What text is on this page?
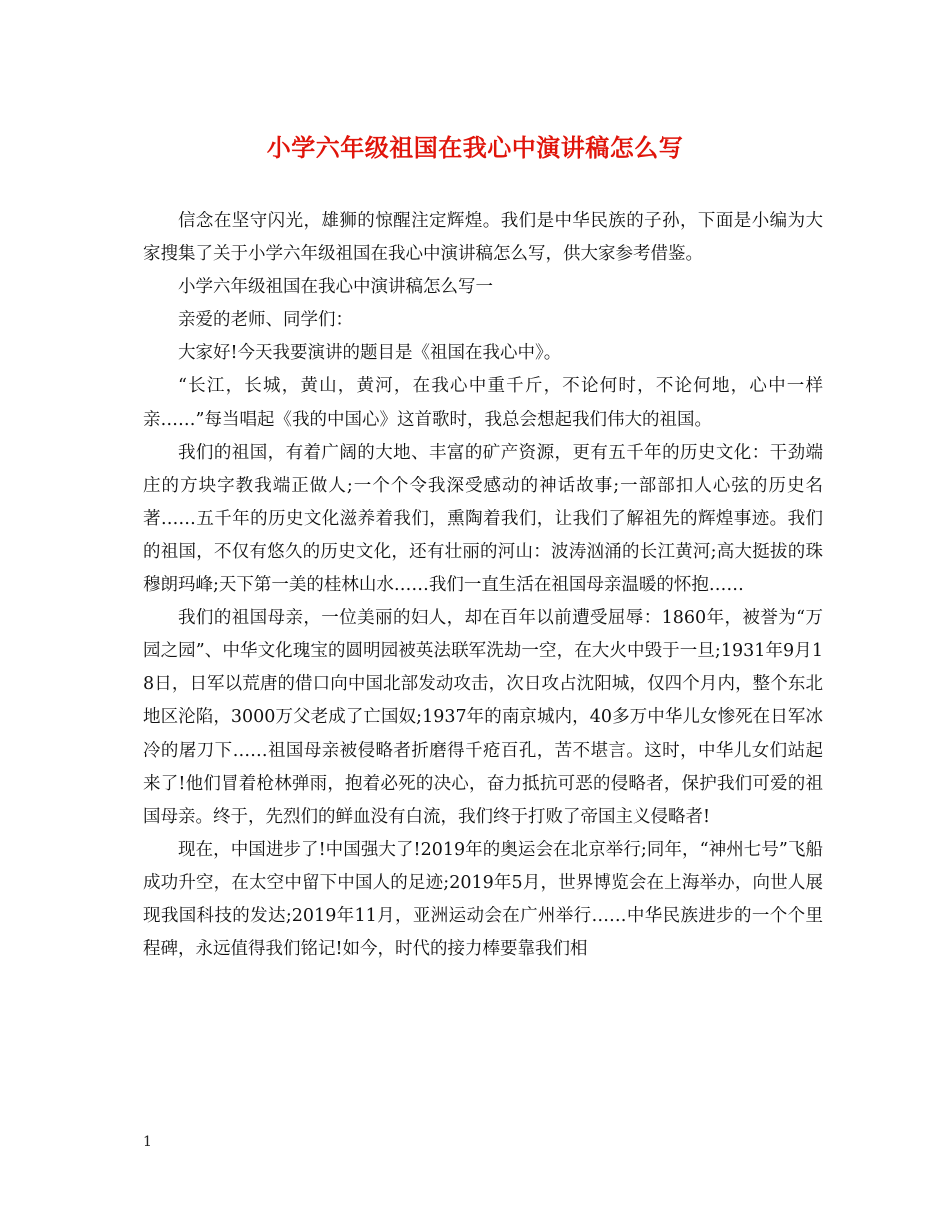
小学六年级祖国在我心中演讲稿怎么写

信念在坚守闪光，雄狮的惊醒注定辉煌。我们是中华民族的子孙，下面是小编为大家搜集了关于小学六年级祖国在我心中演讲稿怎么写，供大家参考借鉴。

小学六年级祖国在我心中演讲稿怎么写一

亲爱的老师、同学们：

大家好!今天我要演讲的题目是《祖国在我心中》。

“长江，长城，黄山，黄河，在我心中重千斤，不论何时，不论何地，心中一样亲……”每当唱起《我的中国心》这首歌时，我总会想起我们伟大的祖国。

我们的祖国，有着广阔的大地、丰富的矿产资源，更有五千年的历史文化：干劲端庄的方块字教我端正做人;一个个令我深受感动的神话故事;一部部扣人心弦的历史名著……五千年的历史文化滋养着我们，熏陶着我们，让我们了解祖先的辉煌事迹。我们的祖国，不仅有悠久的历史文化，还有壮丽的河山：波涛汹涌的长江黄河;高大挺拔的珠穆朗玛峰;天下第一美的桂林山水……我们一直生活在祖国母亲温暖的怀抱……

我们的祖国母亲，一位美丽的妇人，却在百年以前遭受屈辱：1860年，被誉为“万园之园”、中华文化瑰宝的圆明园被英法联军洗劫一空，在大火中毁于一旦;1931年9月18日，日军以荒唐的借口向中国北部发动攻击，次日攻占沈阳城，仅四个月内，整个东北地区沦陷，3000万父老成了亡国奴;1937年的南京城内，40多万中华儿女惨死在日军冰冷的屠刀下……祖国母亲被侵略者折磨得千疮百孔，苦不堪言。这时，中华儿女们站起来了!他们冒着枪林弹雨，抱着必死的决心，奋力抵抗可恶的侵略者，保护我们可爱的祖国母亲。终于，先烈们的鲜血没有白流，我们终于打败了帝国主义侵略者!

现在，中国进步了!中国强大了!2019年的奥运会在北京举行;同年，“神州七号”飞船成功升空，在太空中留下中国人的足迹;2019年5月，世界博览会在上海举办，向世人展现我国科技的发达;2019年11月，亚洲运动会在广州举行……中华民族进步的一个个里程碑，永远值得我们铭记!如今，时代的接力棒要靠我们相

1
